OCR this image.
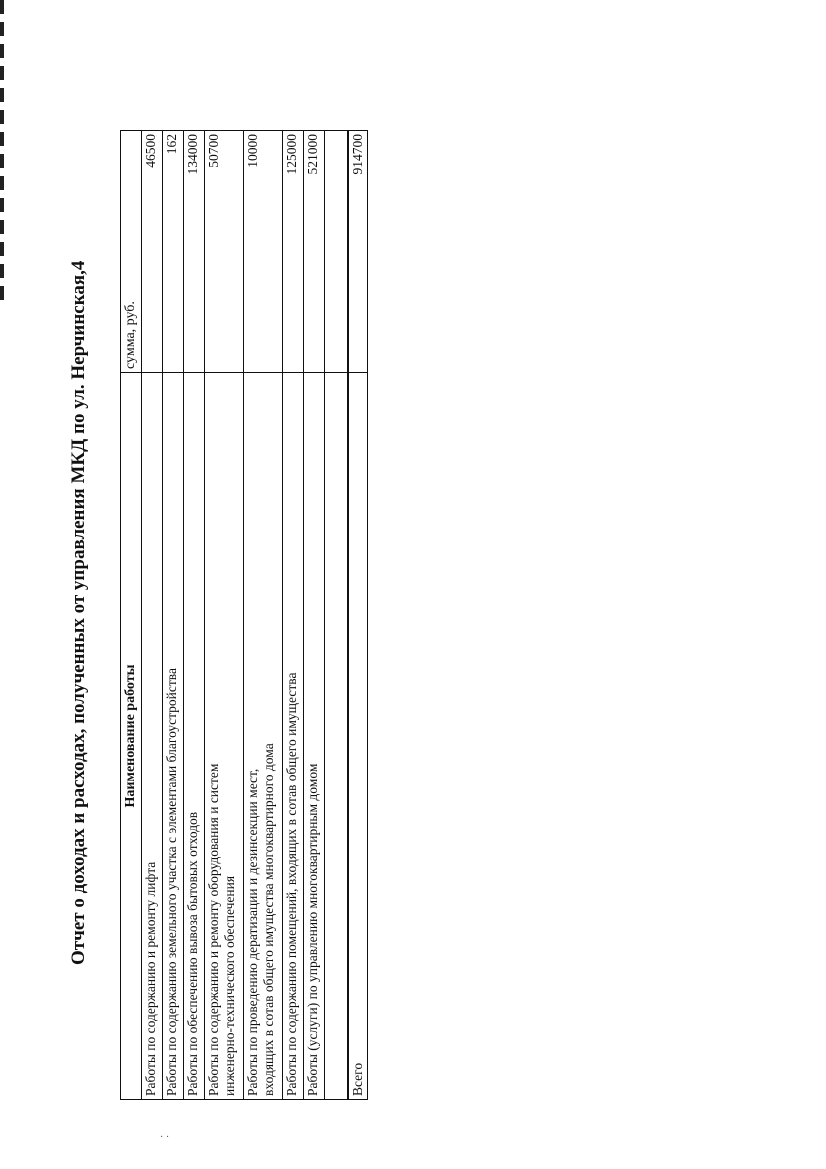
· ·
Отчет о доходах и расходах, полученных от управления МКД по ул. Нерчинская,4 Наименование работы	сумма, руб.

Работы по содержанию и ремонту лифта	46500

Работы по содержанию земельного участка с элементами благоустройства	162

Работы по обеспечению вывоза бытовых отходов	134000

Работы по содержанию и ремонту оборудования и систем инженерно-технического обеспечения	50700

Работы по проведению дератизации и дезинсекции мест, входящих в сотав общего имущества многоквартирного дома	10000

Работы по содержанию помещений, входящих в сотав общего имущества	125000

Работы (услуги) по управлению многоквартирным домом	521000

Всего	914700
